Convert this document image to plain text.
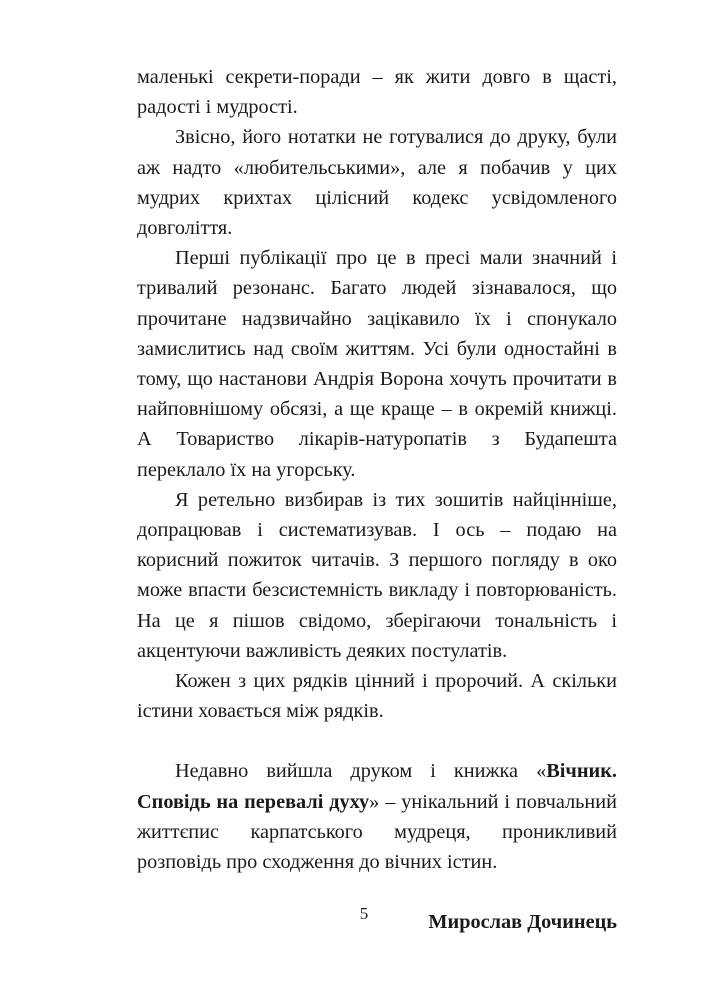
маленькі секрети-поради – як жити довго в щасті, радості і мудрості.

Звісно, його нотатки не готувалися до друку, були аж надто «любительськими», але я побачив у цих мудрих крихтах цілісний кодекс усвідомленого довголіття.

Перші публікації про це в пресі мали значний і тривалий резонанс. Багато людей зізнавалося, що прочитане надзвичайно зацікавило їх і спонукало замислитись над своїм життям. Усі були одностайні в тому, що настанови Андрія Ворона хочуть прочитати в найповнішому обсязі, а ще краще – в окремій книжці. А Товариство лікарів-натуропатів з Будапешта переклало їх на угорську.

Я ретельно визбирав із тих зошитів найцінніше, допрацював і систематизував. І ось – подаю на корисний пожиток читачів. З першого погляду в око може впасти безсистемність викладу і повторюваність. На це я пішов свідомо, зберігаючи тональність і акцентуючи важливість деяких постулатів.

Кожен з цих рядків цінний і пророчий. А скільки істини ховається між рядків.

Недавно вийшла друком і книжка «Вічник. Сповідь на перевалі духу» – унікальний і повчальний життєпис карпатського мудреця, проникливий розповідь про сходження до вічних істин.

Мирослав Дочинець

5
